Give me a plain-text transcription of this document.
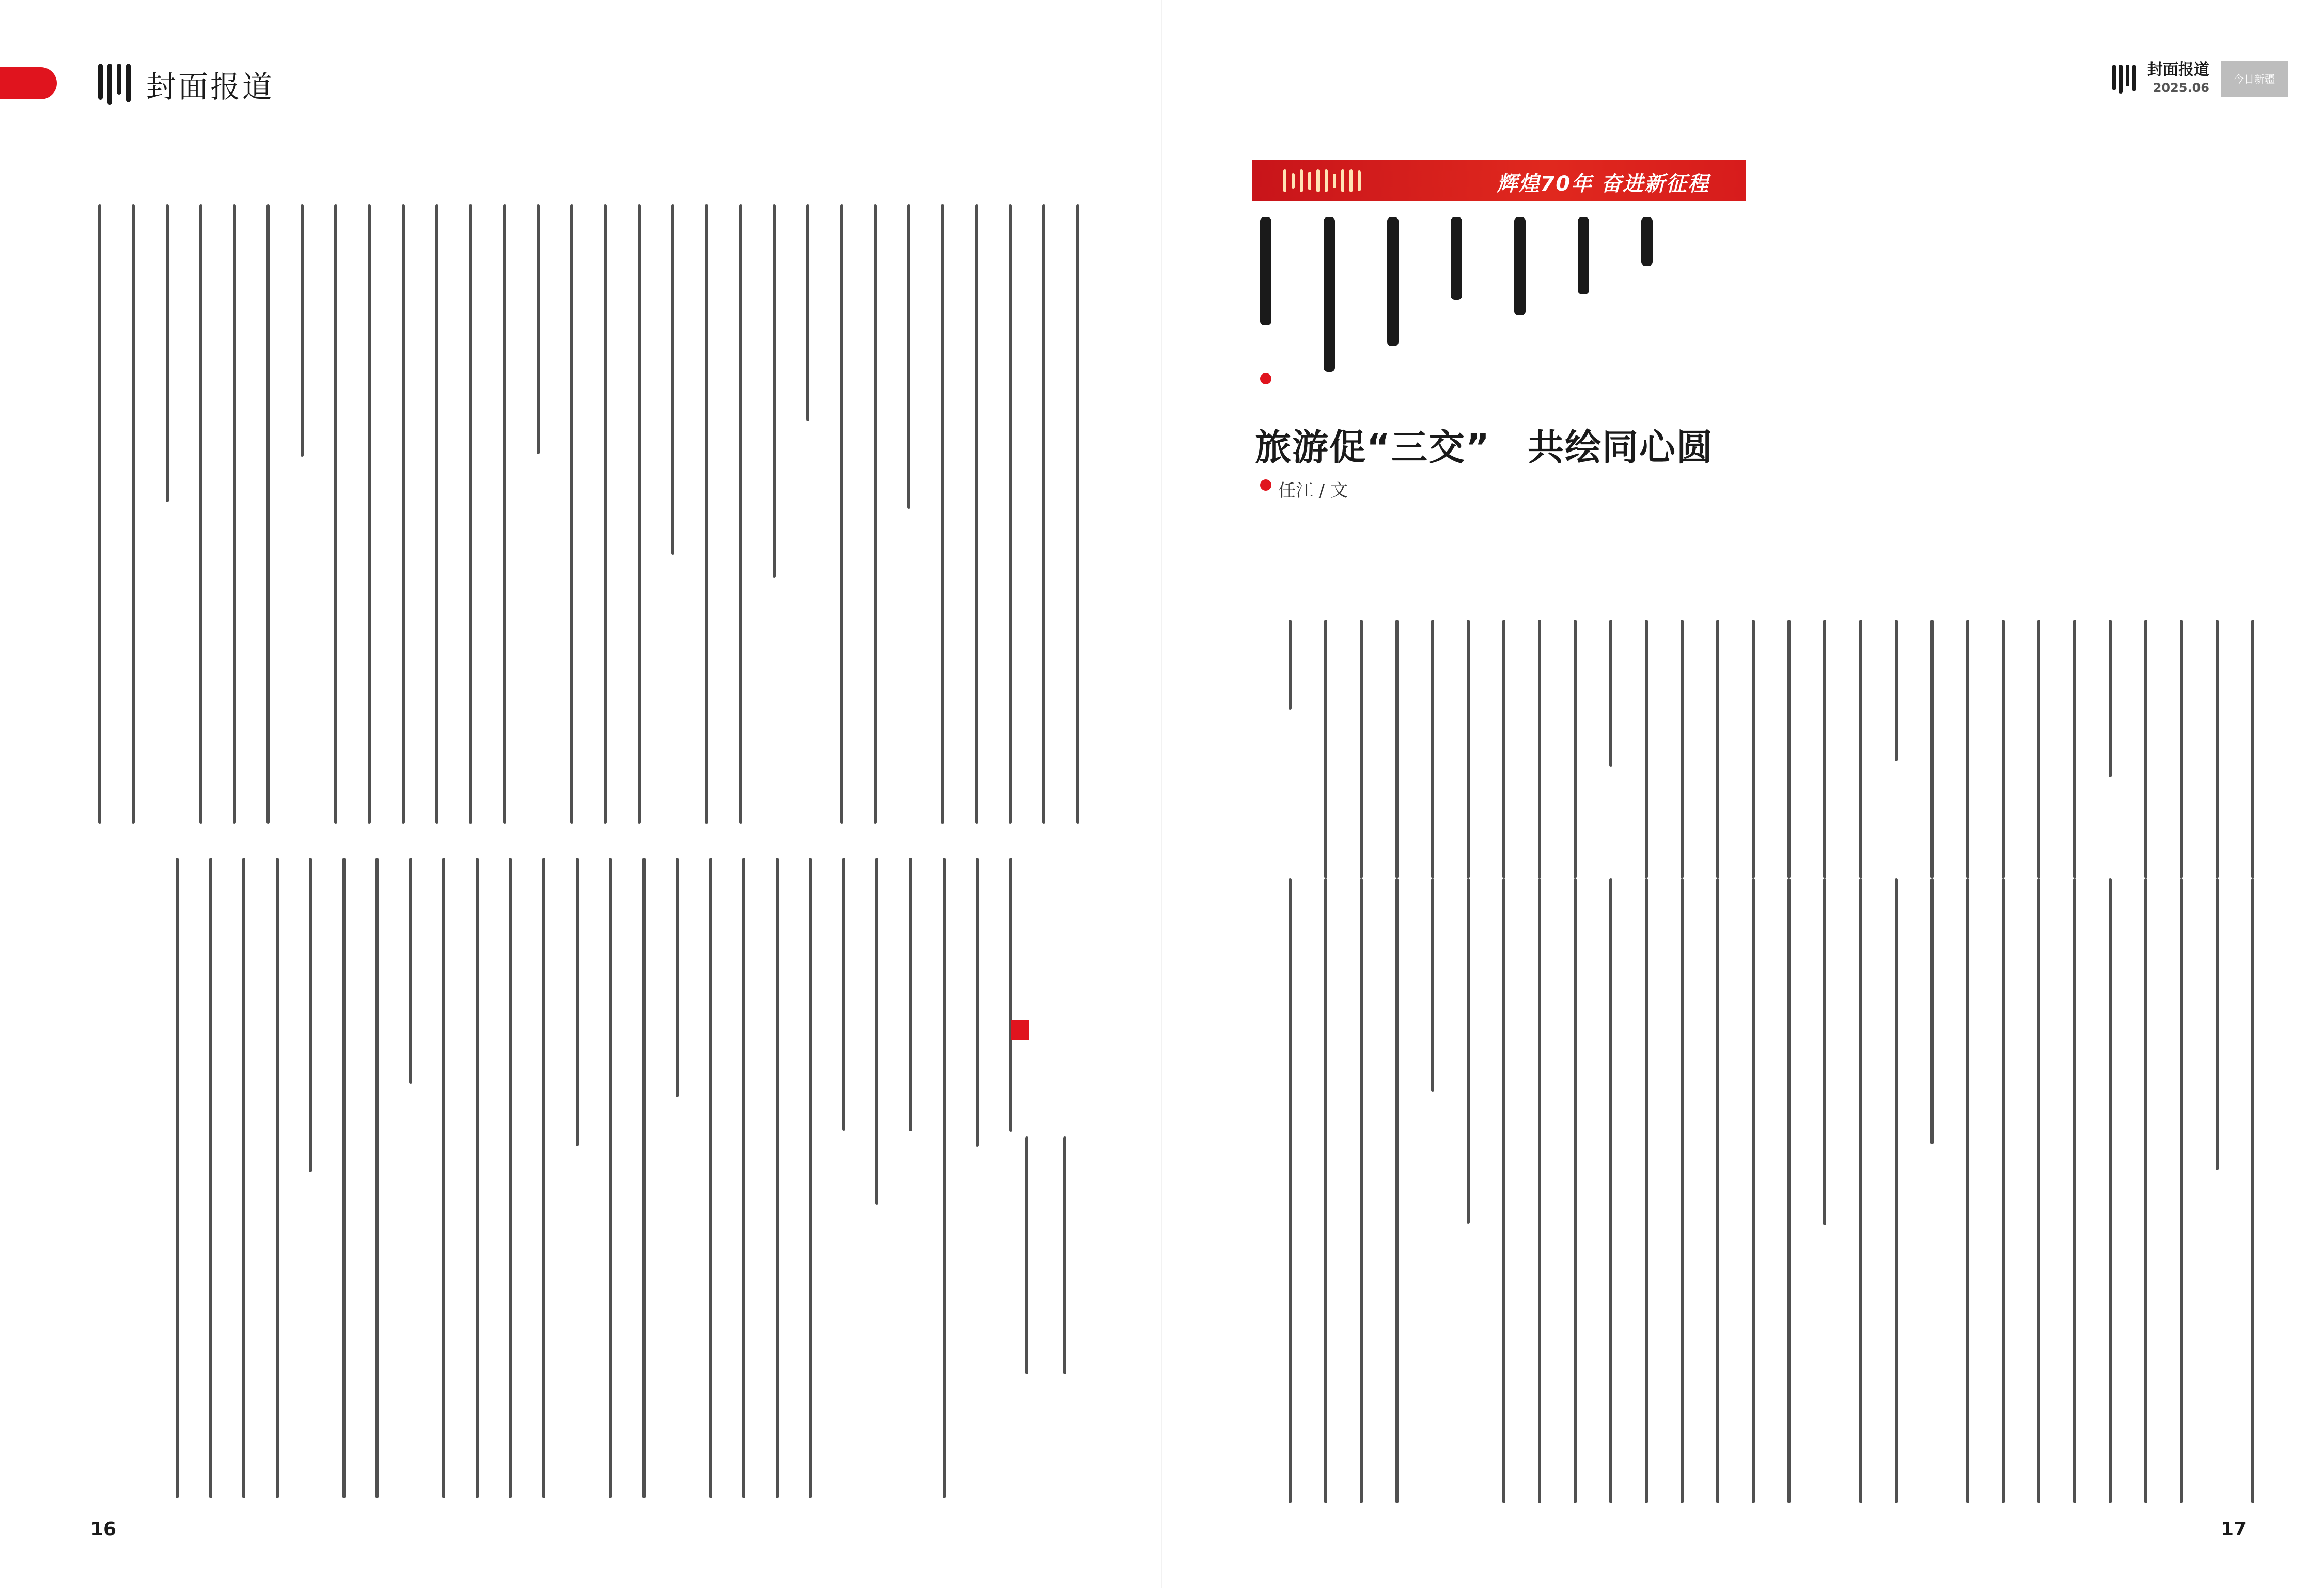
封面报道
16
封面报道
2025.06
今日新疆
辉煌70年 奋进新征程
旅游促“三交”　共绘同心圆
任江 / 文
17
